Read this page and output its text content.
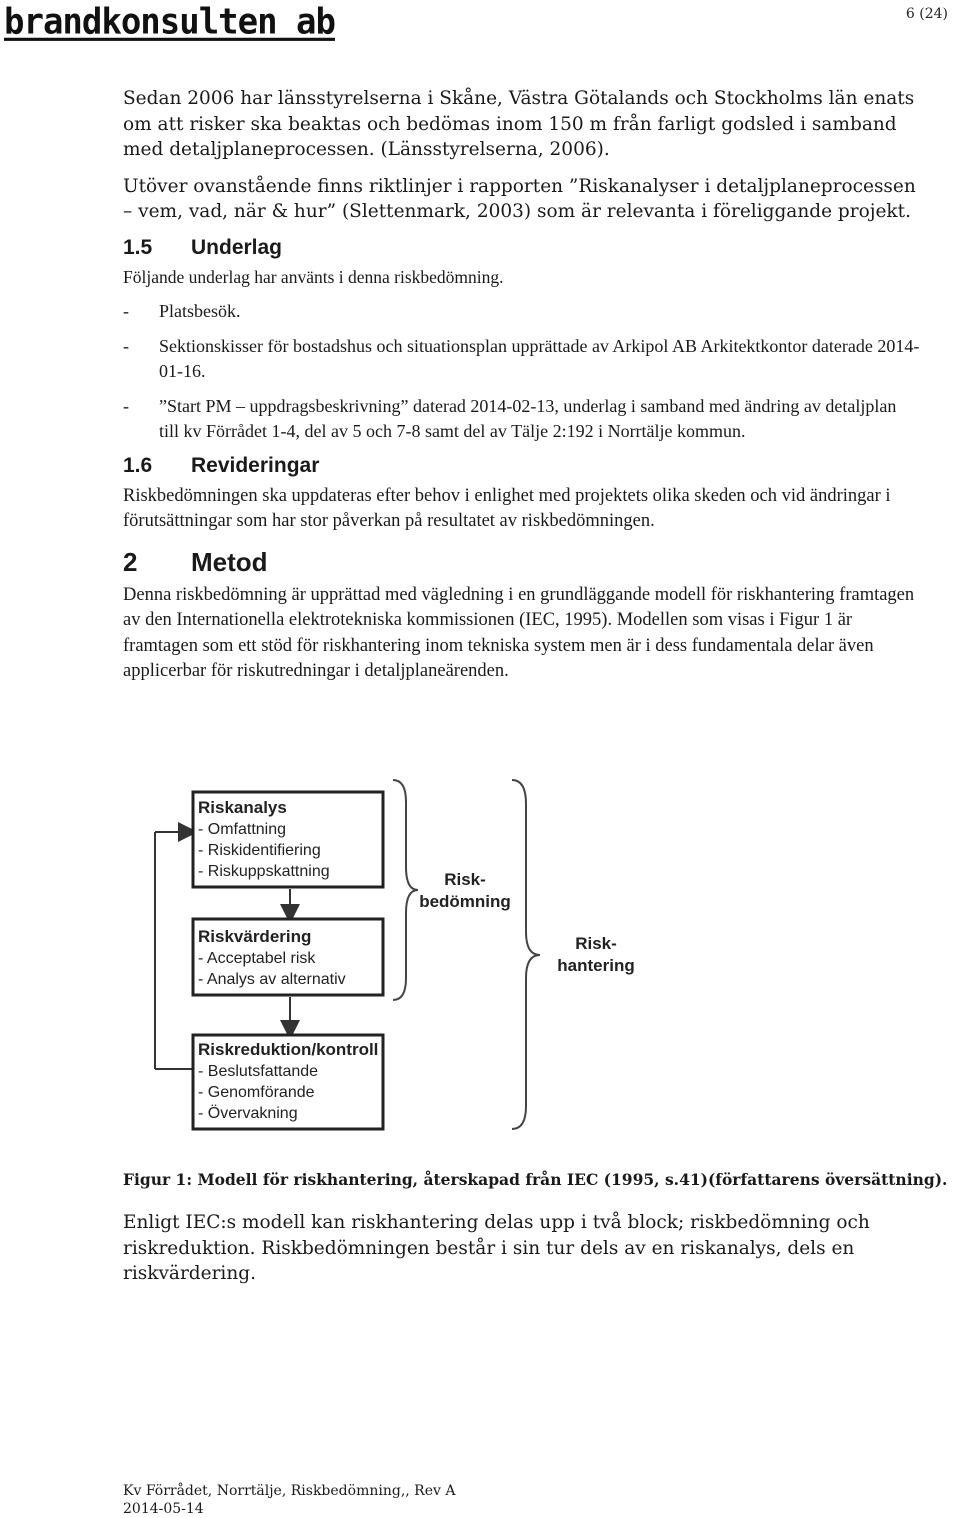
brandkonsulten ab	6 (24)

Sedan 2006 har länsstyrelserna i Skåne, Västra Götalands och Stockholms län enats om att risker ska beaktas och bedömas inom 150 m från farligt godsled i samband med detaljplaneprocessen. (Länsstyrelserna, 2006).

Utöver ovanstående finns riktlinjer i rapporten ”Riskanalyser i detaljplaneprocessen – vem, vad, när & hur” (Slettenmark, 2003) som är relevanta i föreliggande projekt.

1.5 Underlag

Följande underlag har använts i denna riskbedömning.

- Platsbesök.
- Sektionskisser för bostadshus och situationsplan upprättade av Arkipol AB Arkitektkontor daterade 2014-01-16.
- ”Start PM – uppdragsbeskrivning” daterad 2014-02-13, underlag i samband med ändring av detaljplan till kv Förrådet 1-4, del av 5 och 7-8 samt del av Tälje 2:192 i Norrtälje kommun.
1.6 Revideringar

Riskbedömningen ska uppdateras efter behov i enlighet med projektets olika skeden och vid ändringar i förutsättningar som har stor påverkan på resultatet av riskbedömningen.

2 Metod

Denna riskbedömning är upprättad med vägledning i en grundläggande modell för riskhantering framtagen av den Internationella elektrotekniska kommissionen (IEC, 1995). Modellen som visas i Figur 1 är framtagen som ett stöd för riskhantering inom tekniska system men är i dess fundamentala delar även applicerbar för riskutredningar i detaljplaneärenden.

Riskanalys
- Omfattning
- Riskidentifiering
- Riskuppskattning
Riskvärdering
- Acceptabel risk
- Analys av alternativ
Riskreduktion/kontroll
- Beslutsfattande
- Genomförande
- Övervakning
Risk-
bedömning
Risk-
hantering
Figur 1: Modell för riskhantering, återskapad från IEC (1995, s.41)(författarens översättning).
Enligt IEC:s modell kan riskhantering delas upp i två block; riskbedömning och riskreduktion. Riskbedömningen består i sin tur dels av en riskanalys, dels en riskvärdering.
Kv Förrådet, Norrtälje, Riskbedömning,, Rev A
2014-05-14
